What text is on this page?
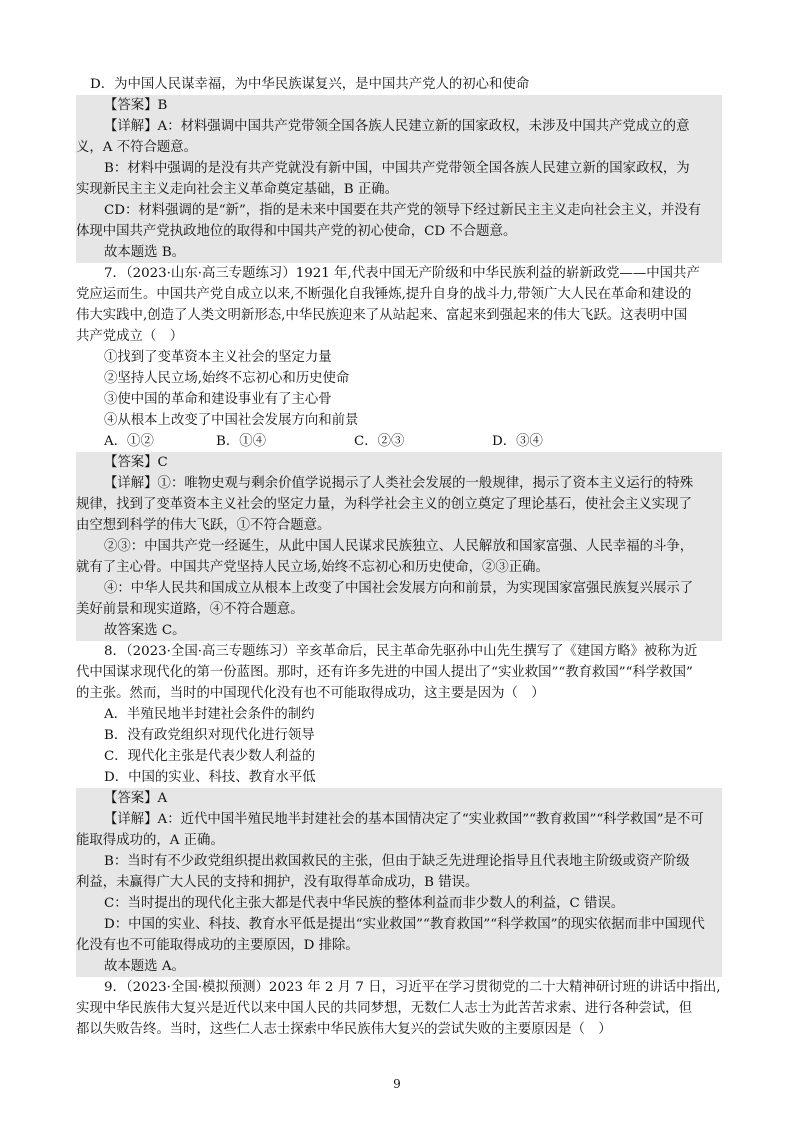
D．为中国人民谋幸福，为中华民族谋复兴，是中国共产党人的初心和使命
【答案】B
【详解】A：材料强调中国共产党带领全国各族人民建立新的国家政权，未涉及中国共产党成立的意
义，A 不符合题意。
B：材料中强调的是没有共产党就没有新中国，中国共产党带领全国各族人民建立新的国家政权，为
实现新民主主义走向社会主义革命奠定基础，B 正确。
CD：材料强调的是“新”，指的是未来中国要在共产党的领导下经过新民主主义走向社会主义，并没有
体现中国共产党执政地位的取得和中国共产党的初心使命，CD 不合题意。
故本题选 B。
7．（2023·山东·高三专题练习）1921 年,代表中国无产阶级和中华民族利益的崭新政党——中国共产
党应运而生。中国共产党自成立以来,不断强化自我锤炼,提升自身的战斗力,带领广大人民在革命和建设的
伟大实践中,创造了人类文明新形态,中华民族迎来了从站起来、富起来到强起来的伟大飞跃。这表明中国
共产党成立（　）
①找到了变革资本主义社会的坚定力量
②坚持人民立场,始终不忘初心和历史使命
③使中国的革命和建设事业有了主心骨
④从根本上改变了中国社会发展方向和前景
A．①②	B．①④	C．②③	D．③④
【答案】C
【详解】①：唯物史观与剩余价值学说揭示了人类社会发展的一般规律，揭示了资本主义运行的特殊
规律，找到了变革资本主义社会的坚定力量，为科学社会主义的创立奠定了理论基石，使社会主义实现了
由空想到科学的伟大飞跃，①不符合题意。
②③：中国共产党一经诞生，从此中国人民谋求民族独立、人民解放和国家富强、人民幸福的斗争，
就有了主心骨。中国共产党坚持人民立场,始终不忘初心和历史使命，②③正确。
④：中华人民共和国成立从根本上改变了中国社会发展方向和前景，为实现国家富强民族复兴展示了
美好前景和现实道路，④不符合题意。
故答案选 C。
8．（2023·全国·高三专题练习）辛亥革命后，民主革命先驱孙中山先生撰写了《建国方略》被称为近
代中国谋求现代化的第一份蓝图。那时，还有许多先进的中国人提出了“实业救国”“教育救国”“科学救国”
的主张。然而，当时的中国现代化没有也不可能取得成功，这主要是因为（　）
A．半殖民地半封建社会条件的制约
B．没有政党组织对现代化进行领导
C．现代化主张是代表少数人利益的
D．中国的实业、科技、教育水平低
【答案】A
【详解】A：近代中国半殖民地半封建社会的基本国情决定了“实业救国”“教育救国”“科学救国”是不可
能取得成功的，A 正确。
B：当时有不少政党组织提出救国救民的主张，但由于缺乏先进理论指导且代表地主阶级或资产阶级
利益，未赢得广大人民的支持和拥护，没有取得革命成功，B 错误。
C：当时提出的现代化主张大都是代表中华民族的整体利益而非少数人的利益，C 错误。
D：中国的实业、科技、教育水平低是提出“实业救国”“教育救国”“科学救国”的现实依据而非中国现代
化没有也不可能取得成功的主要原因，D 排除。
故本题选 A。
9．（2023·全国·模拟预测）2023 年 2 月 7 日，习近平在学习贯彻党的二十大精神研讨班的讲话中指出,
实现中华民族伟大复兴是近代以来中国人民的共同梦想，无数仁人志士为此苦苦求索、进行各种尝试，但
都以失败告终。当时，这些仁人志士探索中华民族伟大复兴的尝试失败的主要原因是（　）
9
